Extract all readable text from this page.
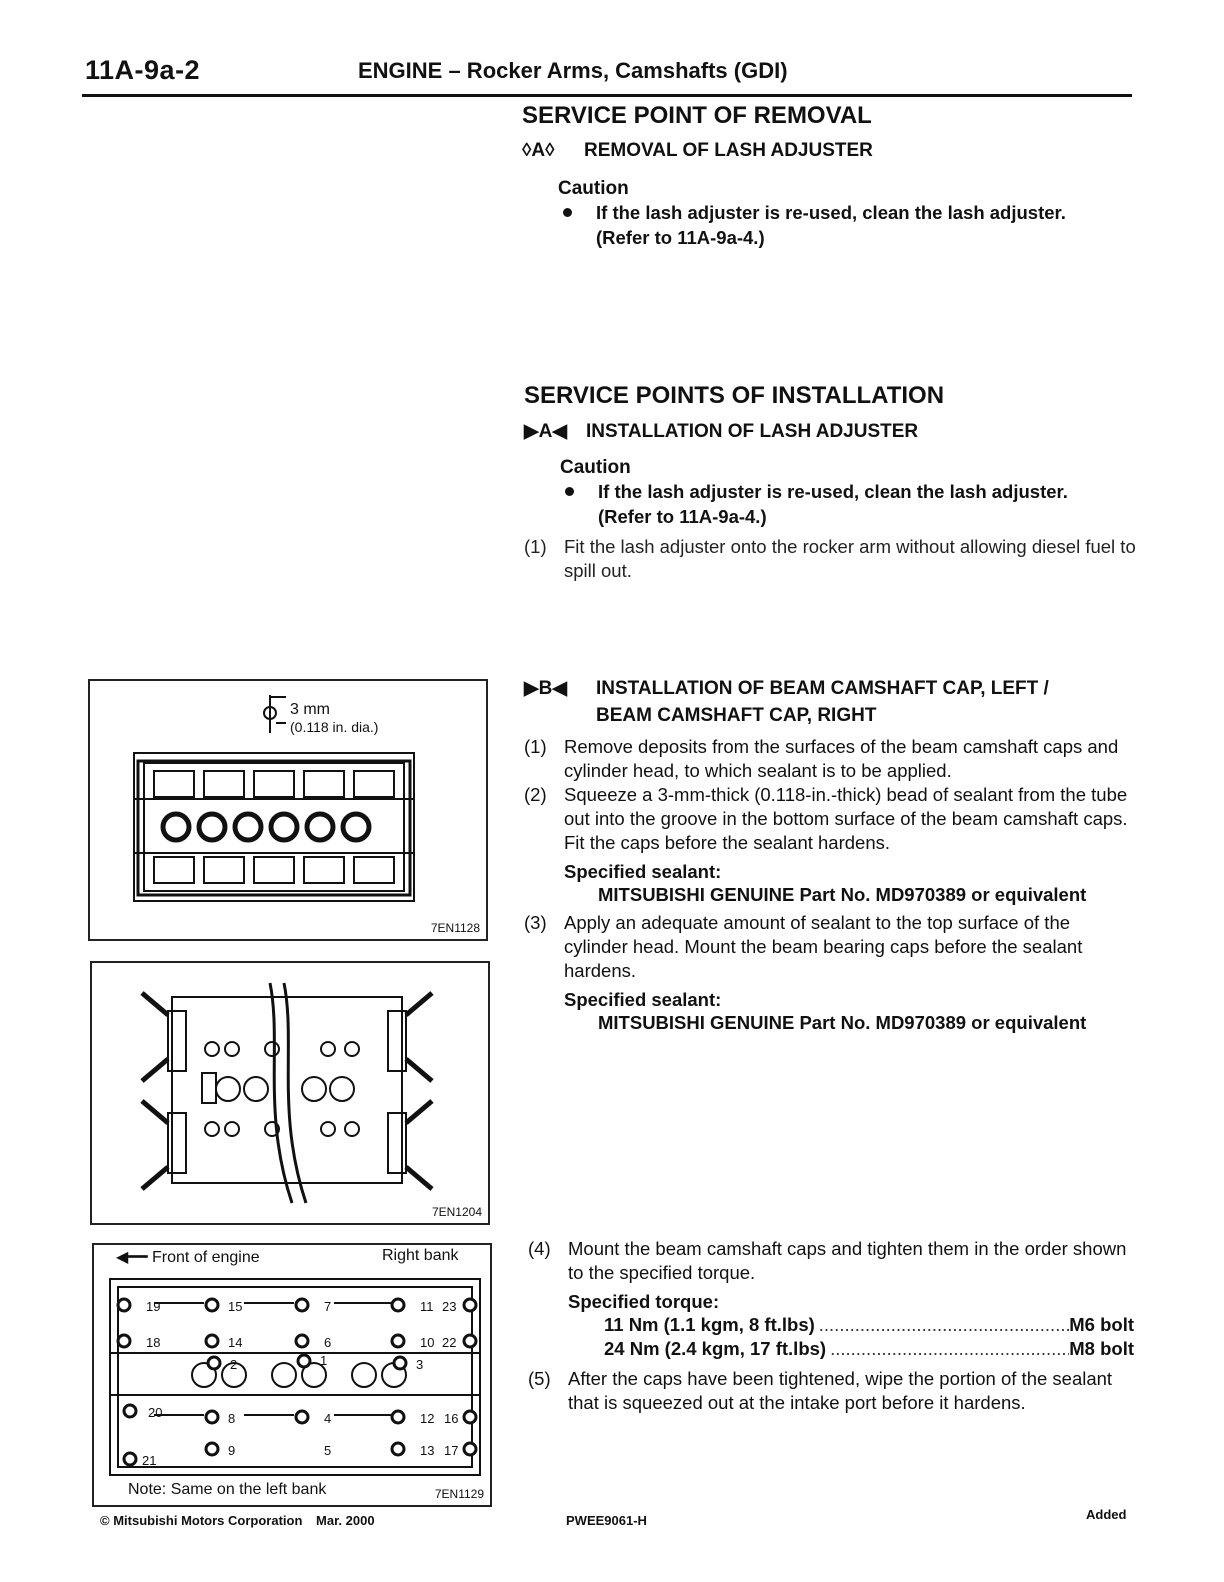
11A-9a-2	ENGINE – Rocker Arms, Camshafts (GDI)
SERVICE POINT OF REMOVAL
◊A◊ REMOVAL OF LASH ADJUSTER
Caution
If the lash adjuster is re-used, clean the lash adjuster.
(Refer to 11A-9a-4.)
SERVICE POINTS OF INSTALLATION
▶A◀ INSTALLATION OF LASH ADJUSTER
Caution
If the lash adjuster is re-used, clean the lash adjuster.
(Refer to 11A-9a-4.)
(1) Fit the lash adjuster onto the rocker arm without allowing diesel fuel to spill out.
▶B◀	INSTALLATION OF BEAM CAMSHAFT CAP, LEFT /
BEAM CAMSHAFT CAP, RIGHT
(1) Remove deposits from the surfaces of the beam camshaft caps and cylinder head, to which sealant is to be applied.
(2) Squeeze a 3-mm-thick (0.118-in.-thick) bead of sealant from the tube out into the groove in the bottom surface of the beam camshaft caps. Fit the caps before the sealant hardens.
Specified sealant:
MITSUBISHI GENUINE Part No. MD970389 or equivalent
(3) Apply an adequate amount of sealant to the top surface of the cylinder head. Mount the beam bearing caps before the sealant hardens.
Specified sealant:
MITSUBISHI GENUINE Part No. MD970389 or equivalent
(4) Mount the beam camshaft caps and tighten them in the order shown to the specified torque.
Specified torque:
11 Nm (1.1 kgm, 8 ft.lbs) .....	M6 bolt
24 Nm (2.4 kgm, 17 ft.lbs) .....	M8 bolt
(5) After the caps have been tightened, wipe the portion of the sealant that is squeezed out at the intake port before it hardens.
3 mm
(0.118 in. dia.)
7EN1128
7EN1204
◀━━ Front of engine	Right bank
19	15	7	11 23
18	14	6	10 22
2	1	3
20	8	4	12 16
9	5	13 17
21
Note: Same on the left bank	7EN1129
© Mitsubishi Motors Corporation Mar. 2000	PWEE9061-H	Added
